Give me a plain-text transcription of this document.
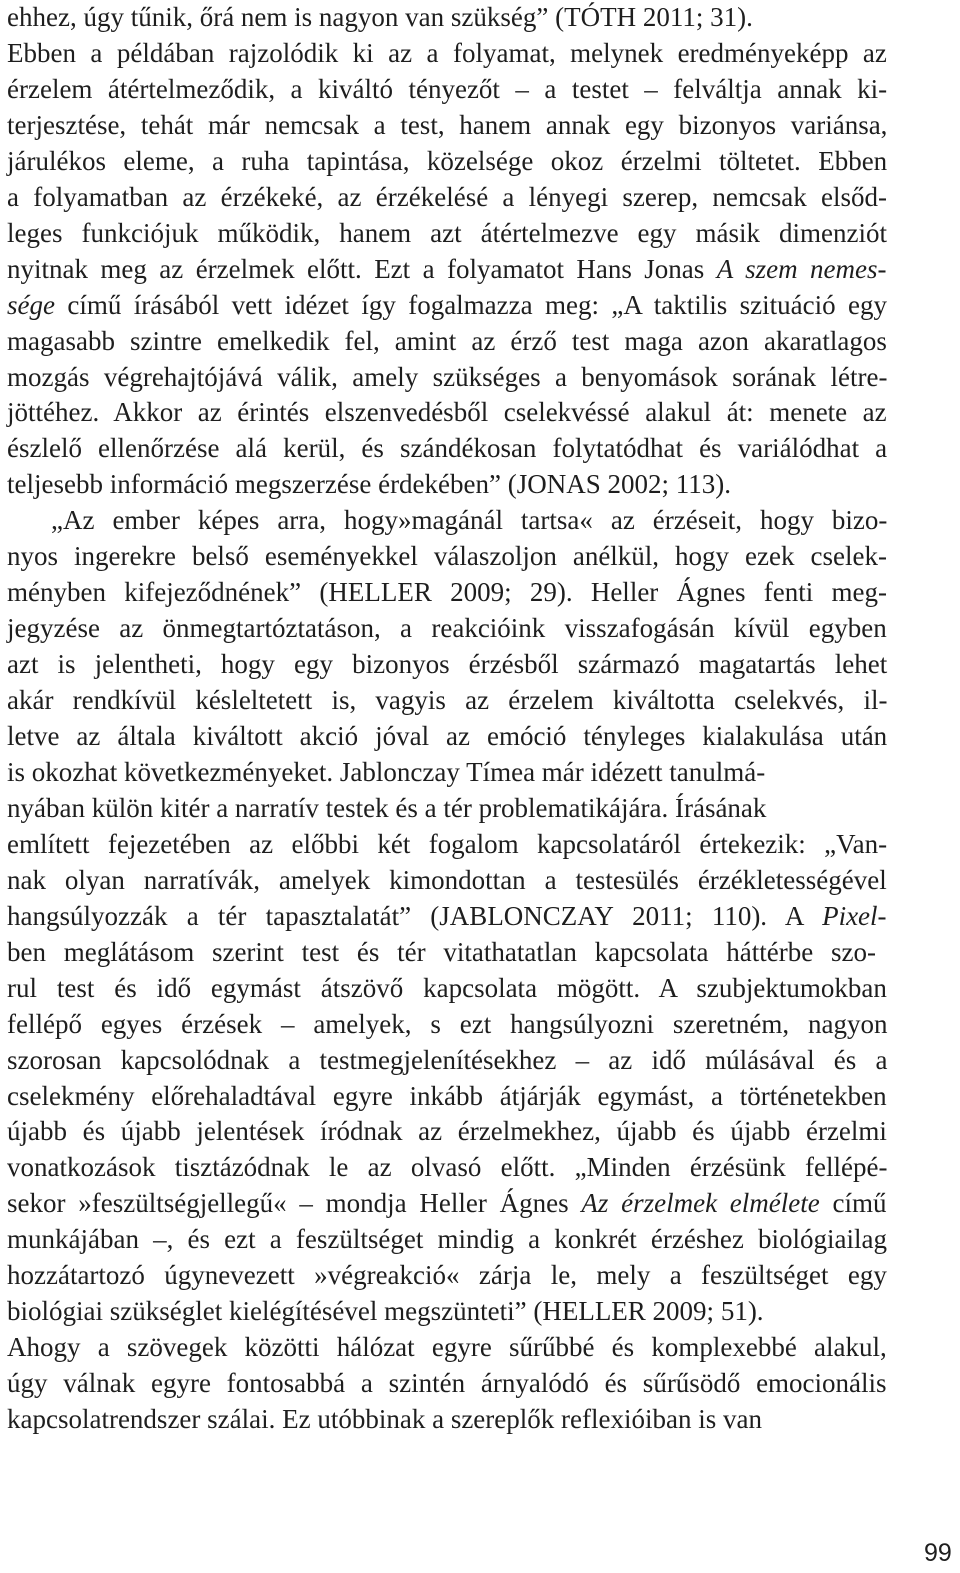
ehhez, úgy tűnik, őrá nem is nagyon van szükség” (TÓTH 2011; 31).
Ebben a példában rajzolódik ki az a folyamat, melynek eredményeképp az
érzelem átértelmeződik, a kiváltó tényezőt – a testet – felváltja annak ki-
terjesztése, tehát már nemcsak a test, hanem annak egy bizonyos variánsa,
járulékos eleme, a ruha tapintása, közelsége okoz érzelmi töltetet. Ebben
a folyamatban az érzékeké, az érzékelésé a lényegi szerep, nemcsak elsőd-
leges funkciójuk működik, hanem azt átértelmezve egy másik dimenziót
nyitnak meg az érzelmek előtt. Ezt a folyamatot Hans Jonas A szem nemes-
sége című írásából vett idézet így fogalmazza meg: „A taktilis szituáció egy
magasabb szintre emelkedik fel, amint az érző test maga azon akaratlagos
mozgás végrehajtójává válik, amely szükséges a benyomások sorának létre-
jöttéhez. Akkor az érintés elszenvedésből cselekvéssé alakul át: menete az
észlelő ellenőrzése alá kerül, és szándékosan folytatódhat és variálódhat a
teljesebb információ megszerzése érdekében” (JONAS 2002; 113).
„Az ember képes arra, hogy»magánál tartsa« az érzéseit, hogy bizo-
nyos ingerekre belső eseményekkel válaszoljon anélkül, hogy ezek cselek-
ményben kifejeződnének” (HELLER 2009; 29). Heller Ágnes fenti meg-
jegyzése az önmegtartóztatáson, a reakcióink visszafogásán kívül egyben
azt is jelentheti, hogy egy bizonyos érzésből származó magatartás lehet
akár rendkívül késleltetett is, vagyis az érzelem kiváltotta cselekvés, il-
letve az általa kiváltott akció jóval az emóció tényleges kialakulása után
is okozhat következményeket. Jablonczay Tímea már idézett tanulmá-
nyában külön kitér a narratív testek és a tér problematikájára. Írásának
említett fejezetében az előbbi két fogalom kapcsolatáról értekezik: „Van-
nak olyan narratívák, amelyek kimondottan a testesülés érzékletességével
hangsúlyozzák a tér tapasztalatát” (JABLONCZAY 2011; 110). A Pixel-
ben meglátásom szerint test és tér vitathatatlan kapcsolata háttérbe szo-
rul test és idő egymást átszövő kapcsolata mögött. A szubjektumokban
fellépő egyes érzések – amelyek, s ezt hangsúlyozni szeretném, nagyon
szorosan kapcsolódnak a testmegjelenítésekhez – az idő múlásával és a
cselekmény előrehaladtával egyre inkább átjárják egymást, a történetekben
újabb és újabb jelentések íródnak az érzelmekhez, újabb és újabb érzelmi
vonatkozások tisztázódnak le az olvasó előtt. „Minden érzésünk fellépé-
sekor »feszültségjellegű« – mondja Heller Ágnes Az érzelmek elmélete című
munkájában –, és ezt a feszültséget mindig a konkrét érzéshez biológiailag
hozzátartozó úgynevezett »végreakció« zárja le, mely a feszültséget egy
biológiai szükséglet kielégítésével megszünteti” (HELLER 2009; 51).
Ahogy a szövegek közötti hálózat egyre sűrűbbé és komplexebbé alakul,
úgy válnak egyre fontosabbá a szintén árnyalódó és sűrűsödő emocionális
kapcsolatrendszer szálai. Ez utóbbinak a szereplők reflexióiban is van
99
